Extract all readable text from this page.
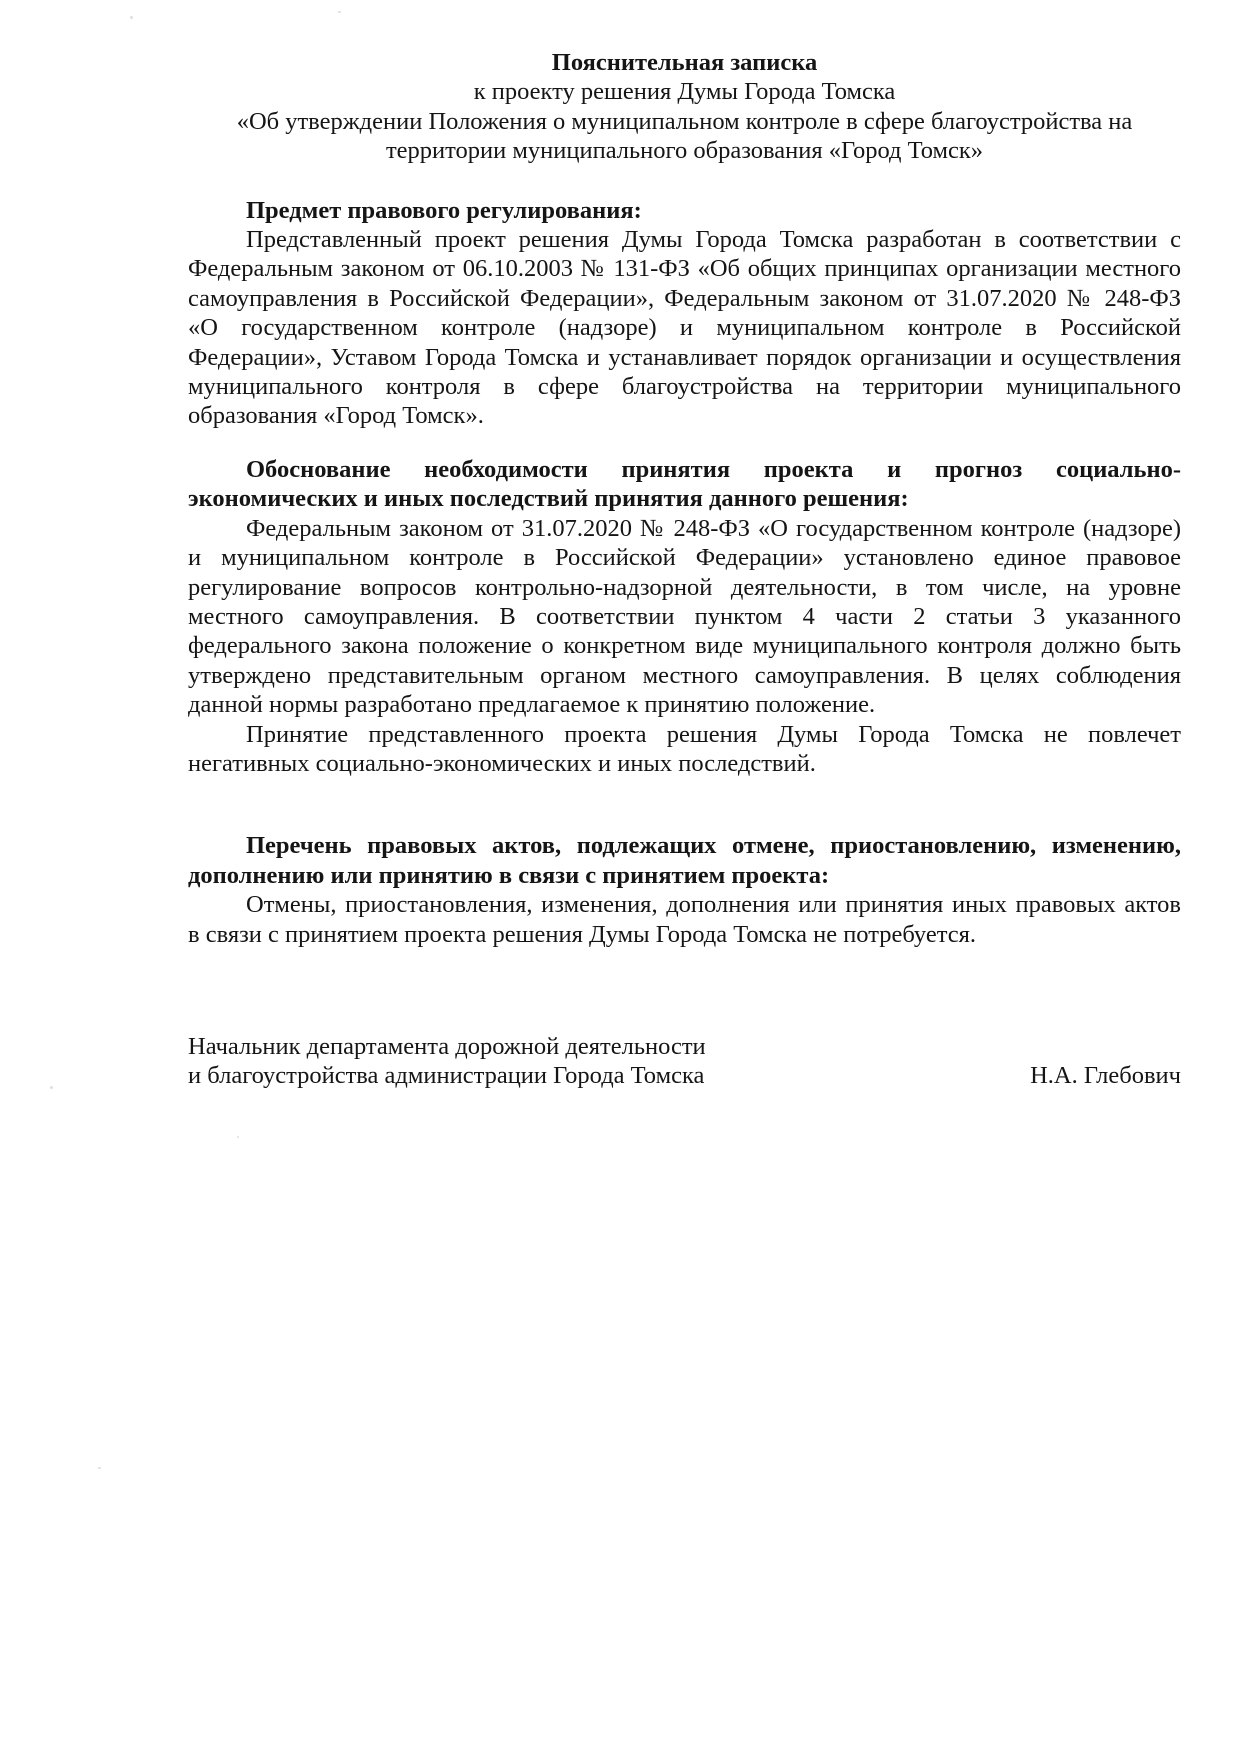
Пояснительная записка
к проекту решения Думы Города Томска
«Об утверждении Положения о муниципальном контроле в сфере благоустройства на
территории муниципального образования «Город Томск»
Предмет правового регулирования:
Представленный проект решения Думы Города Томска разработан в соответствии с
Федеральным законом от 06.10.2003 № 131-ФЗ «Об общих принципах организации местного
самоуправления в Российской Федерации», Федеральным законом от 31.07.2020 № 248-ФЗ
«О государственном контроле (надзоре) и муниципальном контроле в Российской
Федерации», Уставом Города Томска и устанавливает порядок организации и осуществления
муниципального контроля в сфере благоустройства на территории муниципального
образования «Город Томск».
Обоснование необходимости принятия проекта и прогноз социально-
экономических и иных последствий принятия данного решения:
Федеральным законом от 31.07.2020 № 248-ФЗ «О государственном контроле (надзоре)
и муниципальном контроле в Российской Федерации» установлено единое правовое
регулирование вопросов контрольно-надзорной деятельности, в том числе, на уровне
местного самоуправления. В соответствии пунктом 4 части 2 статьи 3 указанного
федерального закона положение о конкретном виде муниципального контроля должно быть
утверждено представительным органом местного самоуправления. В целях соблюдения
данной нормы разработано предлагаемое к принятию положение.
Принятие представленного проекта решения Думы Города Томска не повлечет
негативных социально-экономических и иных последствий.
Перечень правовых актов, подлежащих отмене, приостановлению, изменению,
дополнению или принятию в связи с принятием проекта:
Отмены, приостановления, изменения, дополнения или принятия иных правовых актов
в связи с принятием проекта решения Думы Города Томска не потребуется.
Начальник департамента дорожной деятельности
и благоустройства администрации Города Томска	Н.А. Глебович
